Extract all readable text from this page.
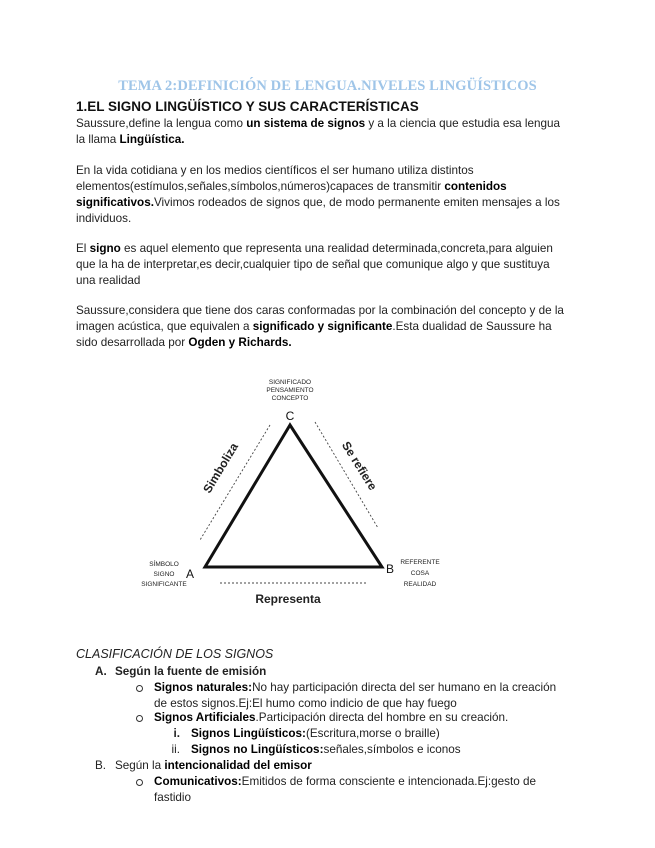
TEMA 2:DEFINICIÓN DE LENGUA.NIVELES LINGÜÍSTICOS
1.EL SIGNO LINGÜÍSTICO Y SUS CARACTERÍSTICAS
Saussure,define la lengua como un sistema de signos y a la ciencia que estudia esa lengua la llama Lingüística.
En la vida cotidiana y en los medios científicos el ser humano utiliza distintos elementos(estímulos,señales,símbolos,números)capaces de transmitir contenidos significativos.Vivimos rodeados de signos que, de modo permanente emiten mensajes a los individuos.
El signo es aquel elemento que representa una realidad determinada,concreta,para alguien que la ha de interpretar,es decir,cualquier tipo de señal que comunique algo y que sustituya una realidad
Saussure,considera que tiene dos caras conformadas por la combinación del concepto y de la imagen acústica, que equivalen a significado y significante.Esta dualidad de Saussure ha sido desarrollada por Ogden y Richards.
SIGNIFICADO
PENSAMIENTO
CONCEPTO
C
SÍMBOLO
SIGNO
SIGNIFICANTE
A
REFERENTE
COSA
REALIDAD
B
Simboliza	Se refiere
Representa
CLASIFICACIÓN DE LOS SIGNOS
A. Según la fuente de emisión
Signos naturales:No hay participación directa del ser humano en la creación
de estos signos.Ej:El humo como indicio de que hay fuego
Signos Artificiales.Participación directa del hombre en su creación.
i. Signos Lingüísticos:(Escritura,morse o braille)
ii. Signos no Lingüísticos:señales,símbolos e iconos
B. Según la intencionalidad del emisor
Comunicativos:Emitidos de forma consciente e intencionada.Ej:gesto de
fastidio
